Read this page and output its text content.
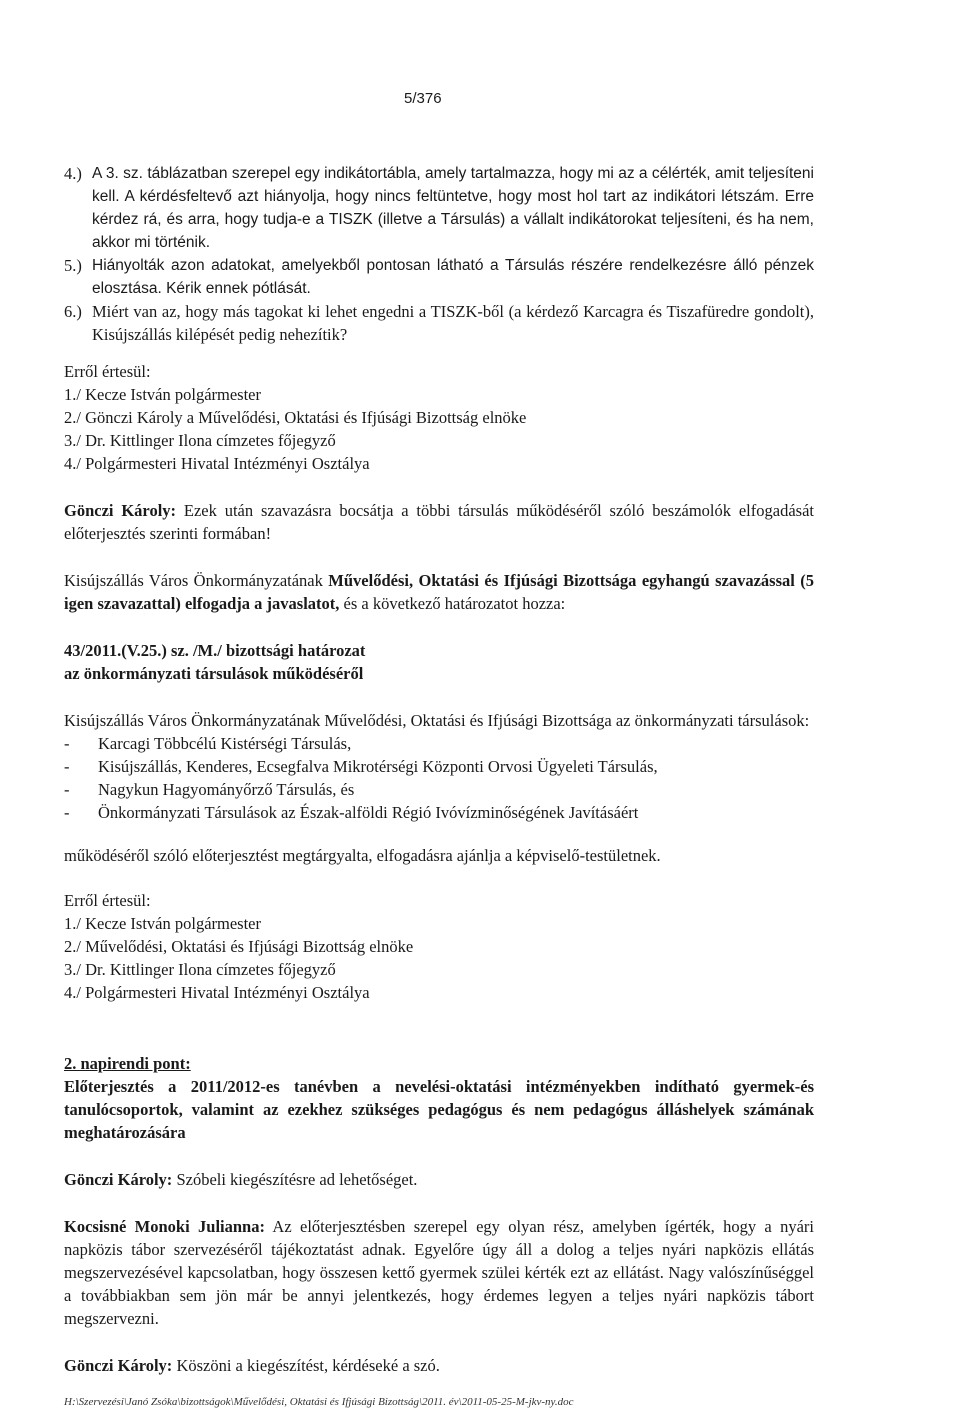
5/376
4.) A 3. sz. táblázatban szerepel egy indikátortábla, amely tartalmazza, hogy mi az a célérték, amit teljesíteni kell. A kérdésfeltevő azt hiányolja, hogy nincs feltüntetve, hogy most hol tart az indikátori létszám. Erre kérdez rá, és arra, hogy tudja-e a TISZK (illetve a Társulás) a vállalt indikátorokat teljesíteni, és ha nem, akkor mi történik.
5.) Hiányolták azon adatokat, amelyekből pontosan látható a Társulás részére rendelkezésre álló pénzek elosztása. Kérik ennek pótlását.
6.) Miért van az, hogy más tagokat ki lehet engedni a TISZK-ből (a kérdező Karcagra és Tiszafüredre gondolt), Kisújszállás kilépését pedig nehezítik?

Erről értesül:

1./ Kecze István polgármester

2./ Gönczi Károly a Művelődési, Oktatási és Ifjúsági Bizottság elnöke

3./ Dr. Kittlinger Ilona címzetes főjegyző

4./ Polgármesteri Hivatal Intézményi Osztálya

Gönczi Károly: Ezek után szavazásra bocsátja a többi társulás működéséről szóló beszámolók elfogadását előterjesztés szerinti formában!

Kisújszállás Város Önkormányzatának Művelődési, Oktatási és Ifjúsági Bizottsága egyhangú szavazással (5 igen szavazattal) elfogadja a javaslatot, és a következő határozatot hozza:

43/2011.(V.25.) sz. /M./ bizottsági határozat

az önkormányzati társulások működéséről

Kisújszállás Város Önkormányzatának Művelődési, Oktatási és Ifjúsági Bizottsága az önkormányzati társulások:

-	Karcagi Többcélú Kistérségi Társulás,
-	Kisújszállás, Kenderes, Ecsegfalva Mikrotérségi Központi Orvosi Ügyeleti Társulás,
-	Nagykun Hagyományőrző Társulás, és
-	Önkormányzati Társulások az Észak-alföldi Régió Ivóvízminőségének Javításáért

működéséről szóló előterjesztést megtárgyalta, elfogadásra ajánlja a képviselő-testületnek.

Erről értesül:

1./ Kecze István polgármester

2./ Művelődési, Oktatási és Ifjúsági Bizottság elnöke

3./ Dr. Kittlinger Ilona címzetes főjegyző

4./ Polgármesteri Hivatal Intézményi Osztálya

2. napirendi pont:

Előterjesztés a 2011/2012-es tanévben a nevelési-oktatási intézményekben indítható gyermek-és tanulócsoportok, valamint az ezekhez szükséges pedagógus és nem pedagógus álláshelyek számának meghatározására

Gönczi Károly: Szóbeli kiegészítésre ad lehetőséget.

Kocsisné Monoki Julianna: Az előterjesztésben szerepel egy olyan rész, amelyben ígérték, hogy a nyári napközis tábor szervezéséről tájékoztatást adnak. Egyelőre úgy áll a dolog a teljes nyári napközis ellátás megszervezésével kapcsolatban, hogy összesen kettő gyermek szülei kérték ezt az ellátást. Nagy valószínűséggel a továbbiakban sem jön már be annyi jelentkezés, hogy érdemes legyen a teljes nyári napközis tábort megszervezni.

Gönczi Károly: Köszöni a kiegészítést, kérdéseké a szó.

H:\Szervezési\Janó Zsóka\bizottságok\Művelődési, Oktatási és Ifjúsági Bizottság\2011. év\2011-05-25-M-jkv-ny.doc
